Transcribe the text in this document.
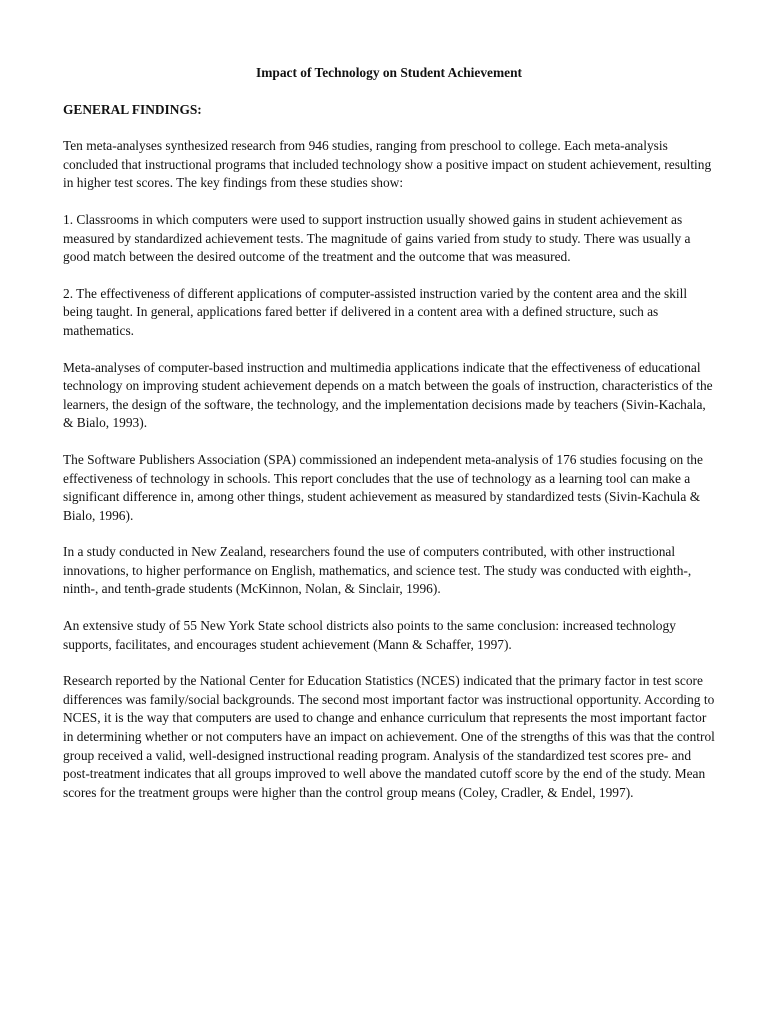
Impact of Technology on Student Achievement
GENERAL FINDINGS:

Ten meta-analyses synthesized research from 946 studies, ranging from preschool to college. Each meta-analysis concluded that instructional programs that included technology show a positive impact on student achievement, resulting in higher test scores. The key findings from these studies show:

1. Classrooms in which computers were used to support instruction usually showed gains in student achievement as measured by standardized achievement tests. The magnitude of gains varied from study to study. There was usually a good match between the desired outcome of the treatment and the outcome that was measured.

2. The effectiveness of different applications of computer-assisted instruction varied by the content area and the skill being taught. In general, applications fared better if delivered in a content area with a defined structure, such as mathematics.

Meta-analyses of computer-based instruction and multimedia applications indicate that the effectiveness of educational technology on improving student achievement depends on a match between the goals of instruction, characteristics of the learners, the design of the software, the technology, and the implementation decisions made by teachers (Sivin-Kachala, & Bialo, 1993).

The Software Publishers Association (SPA) commissioned an independent meta-analysis of 176 studies focusing on the effectiveness of technology in schools. This report concludes that the use of technology as a learning tool can make a significant difference in, among other things, student achievement as measured by standardized tests (Sivin-Kachula & Bialo, 1996).

In a study conducted in New Zealand, researchers found the use of computers contributed, with other instructional innovations, to higher performance on English, mathematics, and science test. The study was conducted with eighth-, ninth-, and tenth-grade students (McKinnon, Nolan, & Sinclair, 1996).

An extensive study of 55 New York State school districts also points to the same conclusion: increased technology supports, facilitates, and encourages student achievement (Mann & Schaffer, 1997).

Research reported by the National Center for Education Statistics (NCES) indicated that the primary factor in test score differences was family/social backgrounds. The second most important factor was instructional opportunity. According to NCES, it is the way that computers are used to change and enhance curriculum that represents the most important factor in determining whether or not computers have an impact on achievement. One of the strengths of this was that the control group received a valid, well-designed instructional reading program. Analysis of the standardized test scores pre- and post-treatment indicates that all groups improved to well above the mandated cutoff score by the end of the study. Mean scores for the treatment groups were higher than the control group means (Coley, Cradler, & Endel, 1997).
